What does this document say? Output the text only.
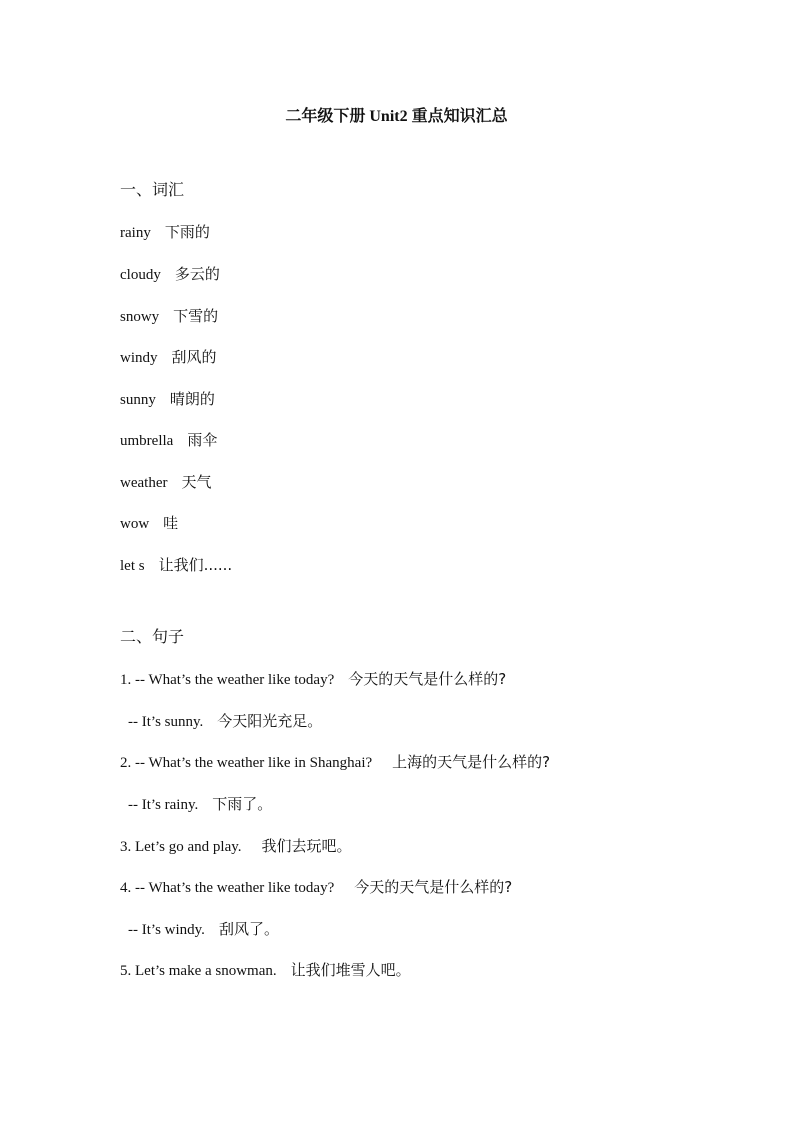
二年级下册 Unit2 重点知识汇总
一、词汇
rainy 下雨的
cloudy 多云的
snowy 下雪的
windy 刮风的
sunny 晴朗的
umbrella 雨伞
weather 天气
wow 哇
let s 让我们......
二、句子
1. -- What’s the weather like today? 今天的天气是什么样的?
-- It’s sunny. 今天阳光充足。
2. -- What’s the weather like in Shanghai? 上海的天气是什么样的?
-- It’s rainy. 下雨了。
3. Let’s go and play. 我们去玩吧。
4. -- What’s the weather like today? 今天的天气是什么样的?
-- It’s windy. 刮风了。
5. Let’s make a snowman. 让我们堆雪人吧。
